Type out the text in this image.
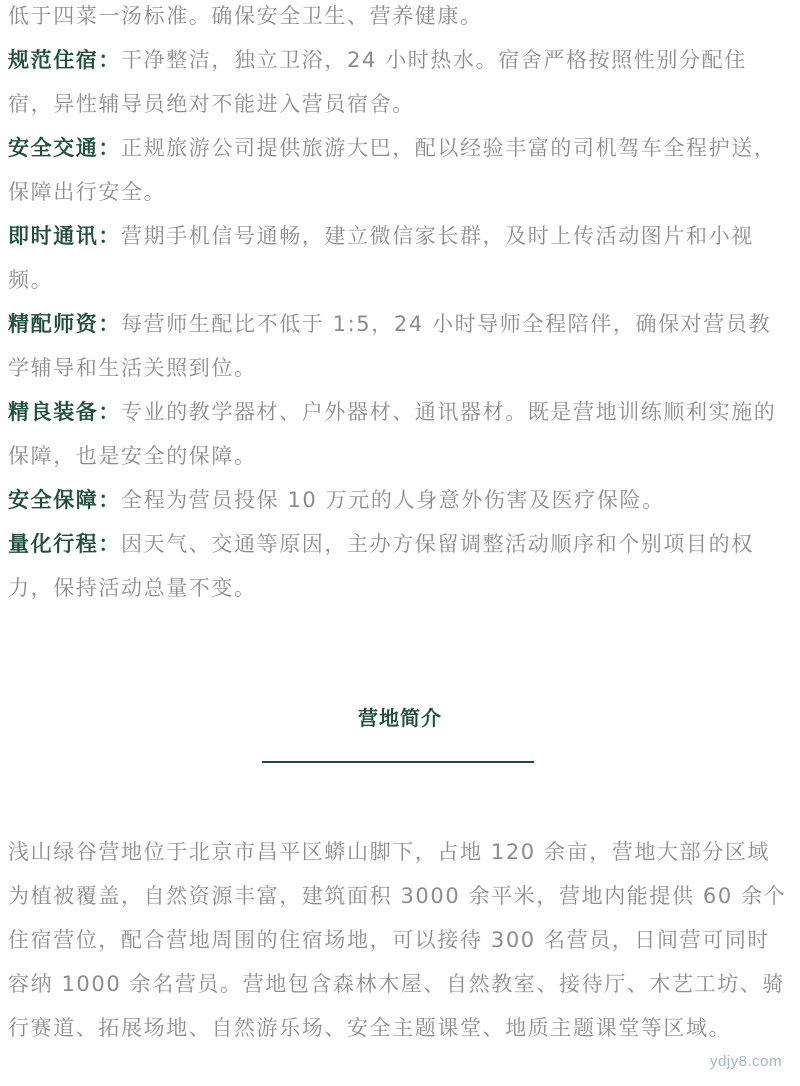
低于四菜一汤标准。确保安全卫生、营养健康。

规范住宿：干净整洁，独立卫浴，24 小时热水。宿舍严格按照性别分配住宿，异性辅导员绝对不能进入营员宿舍。

安全交通：正规旅游公司提供旅游大巴，配以经验丰富的司机驾车全程护送，保障出行安全。

即时通讯：营期手机信号通畅，建立微信家长群，及时上传活动图片和小视频。

精配师资：每营师生配比不低于 1:5，24 小时导师全程陪伴，确保对营员教学辅导和生活关照到位。

精良装备：专业的教学器材、户外器材、通讯器材。既是营地训练顺利实施的保障，也是安全的保障。

安全保障：全程为营员投保 10 万元的人身意外伤害及医疗保险。

量化行程：因天气、交通等原因，主办方保留调整活动顺序和个别项目的权力，保持活动总量不变。

营地简介

浅山绿谷营地位于北京市昌平区蟒山脚下，占地 120 余亩，营地大部分区域为植被覆盖，自然资源丰富，建筑面积 3000 余平米，营地内能提供 60 余个住宿营位，配合营地周围的住宿场地，可以接待 300 名营员，日间营可同时容纳 1000 余名营员。营地包含森林木屋、自然教室、接待厅、木艺工坊、骑行赛道、拓展场地、自然游乐场、安全主题课堂、地质主题课堂等区域。

ydjy8.com
